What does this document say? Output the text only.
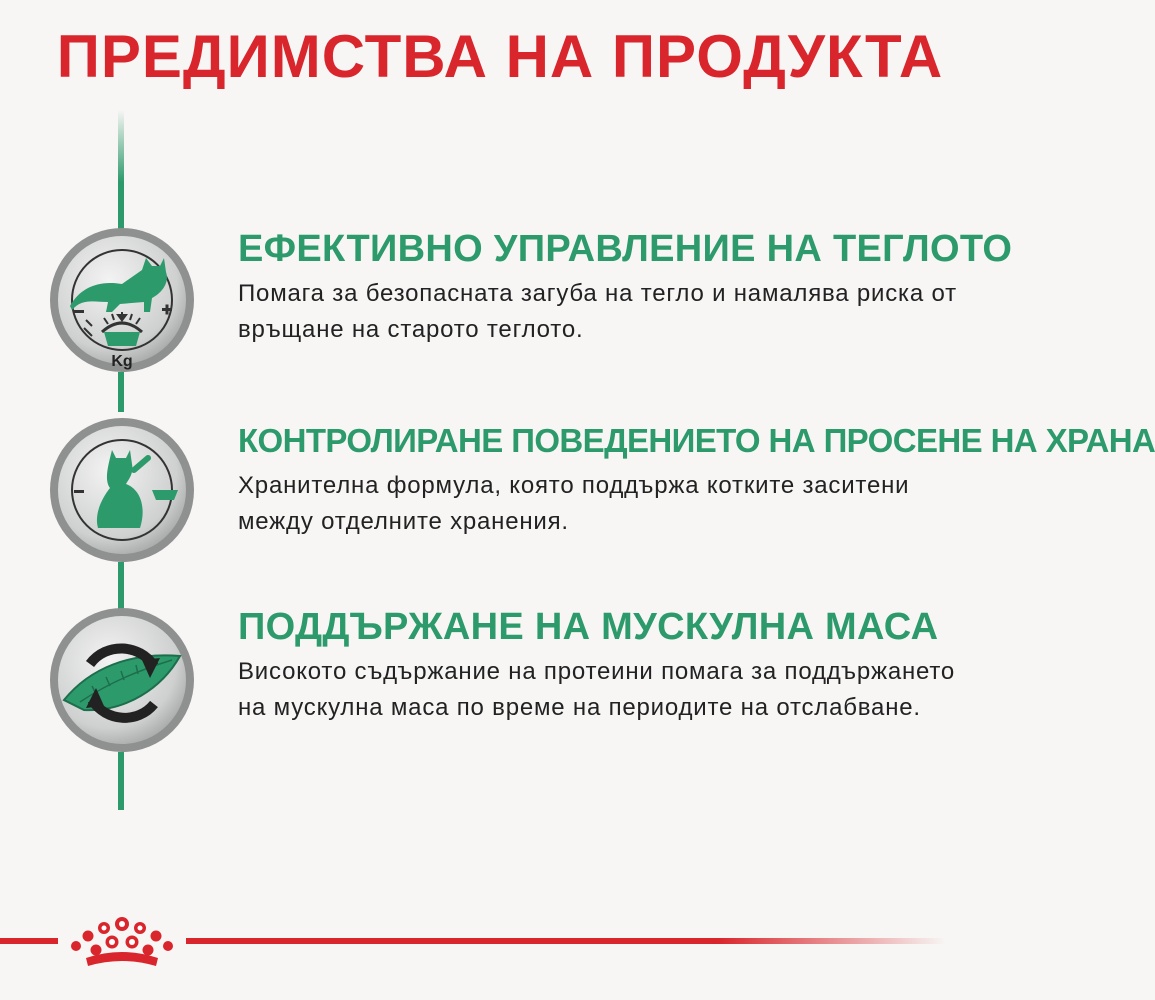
ПРЕДИМСТВА НА ПРОДУКТА
Kg
ЕФЕКТИВНО УПРАВЛЕНИЕ НА ТЕГЛОТО

Помага за безопасната загуба на тегло и намалява риска от връщане на старото теглото.

КОНТРОЛИРАНЕ ПОВЕДЕНИЕТО НА ПРОСЕНЕ НА ХРАНА

Хранителна формула, която поддържа котките заситени между отделните хранения.

ПОДДЪРЖАНЕ НА МУСКУЛНА МАСА

Високото съдържание на протеини помага за поддържането на мускулна маса по време на периодите на отслабване.
